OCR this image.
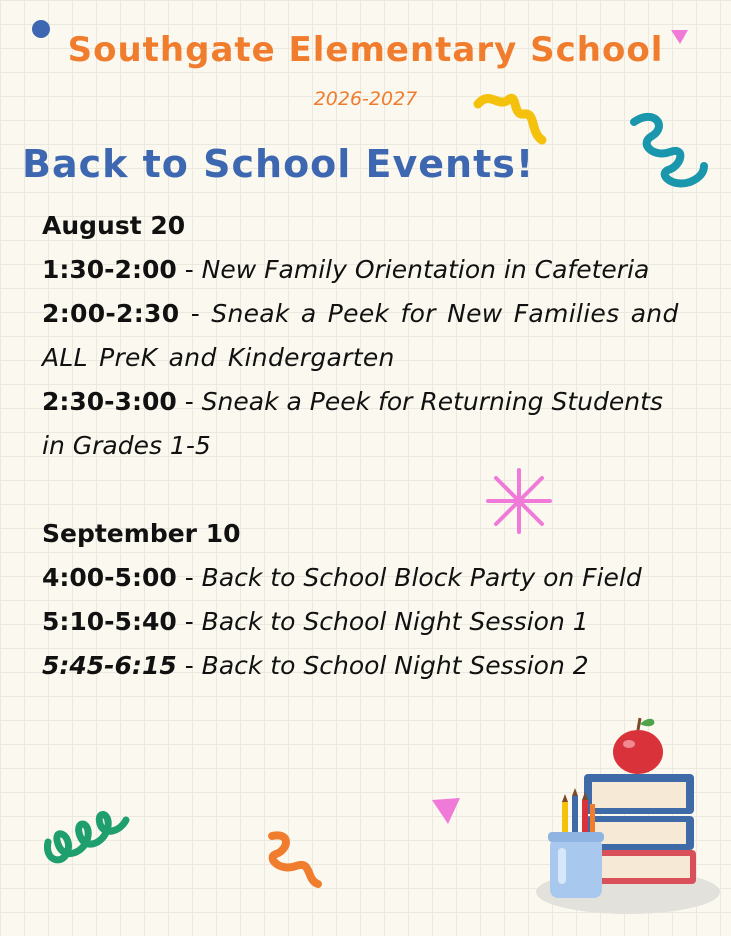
Southgate Elementary School
2026-2027
Back to School Events!
August 20
1:30-2:00 - New Family Orientation in Cafeteria
2:00-2:30 - Sneak a Peek for New Families and ALL PreK and Kindergarten
2:30-3:00 - Sneak a Peek for Returning Students in Grades 1-5
September 10
4:00-5:00 - Back to School Block Party on Field
5:10-5:40 - Back to School Night Session 1
5:45-6:15 - Back to School Night Session 2
